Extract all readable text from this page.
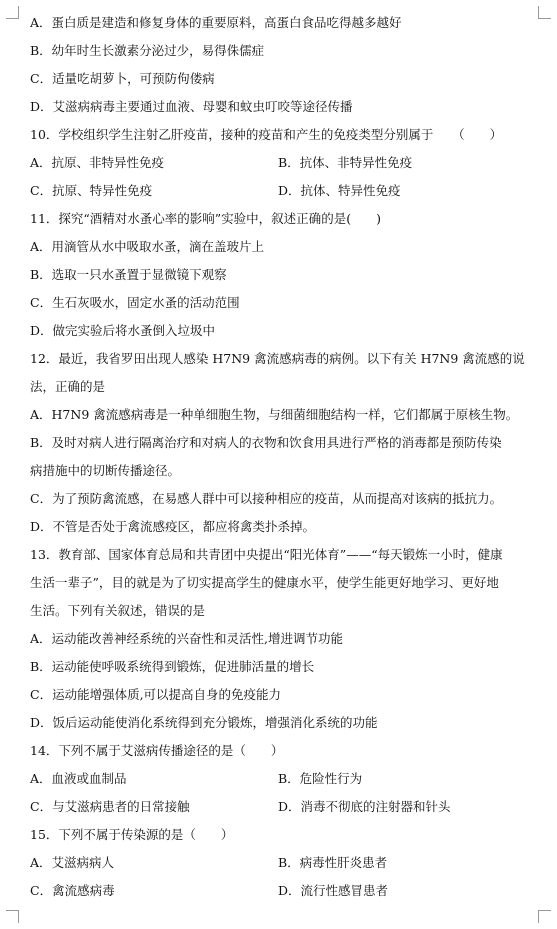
A．蛋白质是建造和修复身体的重要原料，高蛋白食品吃得越多越好
B．幼年时生长激素分泌过少，易得侏儒症
C．适量吃胡萝卜，可预防佝偻病
D．艾滋病病毒主要通过血液、母婴和蚊虫叮咬等途径传播
10．学校组织学生注射乙肝疫苗，接种的疫苗和产生的免疫类型分别属于　　（　　）
A．抗原、非特异性免疫	B．抗体、非特异性免疫
C．抗原、特异性免疫	D．抗体、特异性免疫
11．探究“酒精对水蚤心率的影响”实验中，叙述正确的是(　　)
A．用滴管从水中吸取水蚤，滴在盖玻片上
B．选取一只水蚤置于显微镜下观察
C．生石灰吸水，固定水蚤的活动范围
D．做完实验后将水蚤倒入垃圾中
12．最近，我省罗田出现人感染 H7N9 禽流感病毒的病例。以下有关 H7N9 禽流感的说
法，正确的是
A．H7N9 禽流感病毒是一种单细胞生物，与细菌细胞结构一样，它们都属于原核生物。
B．及时对病人进行隔离治疗和对病人的衣物和饮食用具进行严格的消毒都是预防传染
病措施中的切断传播途径。
C．为了预防禽流感，在易感人群中可以接种相应的疫苗，从而提高对该病的抵抗力。
D．不管是否处于禽流感疫区，都应将禽类扑杀掉。
13．教育部、国家体育总局和共青团中央提出“阳光体育”——“每天锻炼一小时，健康
生活一辈子”，目的就是为了切实提高学生的健康水平，使学生能更好地学习、更好地
生活。下列有关叙述，错误的是
A．运动能改善神经系统的兴奋性和灵活性,增进调节功能
B．运动能使呼吸系统得到锻炼，促进肺活量的增长
C．运动能增强体质,可以提高自身的免疫能力
D．饭后运动能使消化系统得到充分锻炼，增强消化系统的功能
14．下列不属于艾滋病传播途径的是（　　）
A．血液或血制品	B．危险性行为
C．与艾滋病患者的日常接触	D．消毒不彻底的注射器和针头
15．下列不属于传染源的是（　　）
A．艾滋病病人	B．病毒性肝炎患者
C．禽流感病毒	D．流行性感冒患者
